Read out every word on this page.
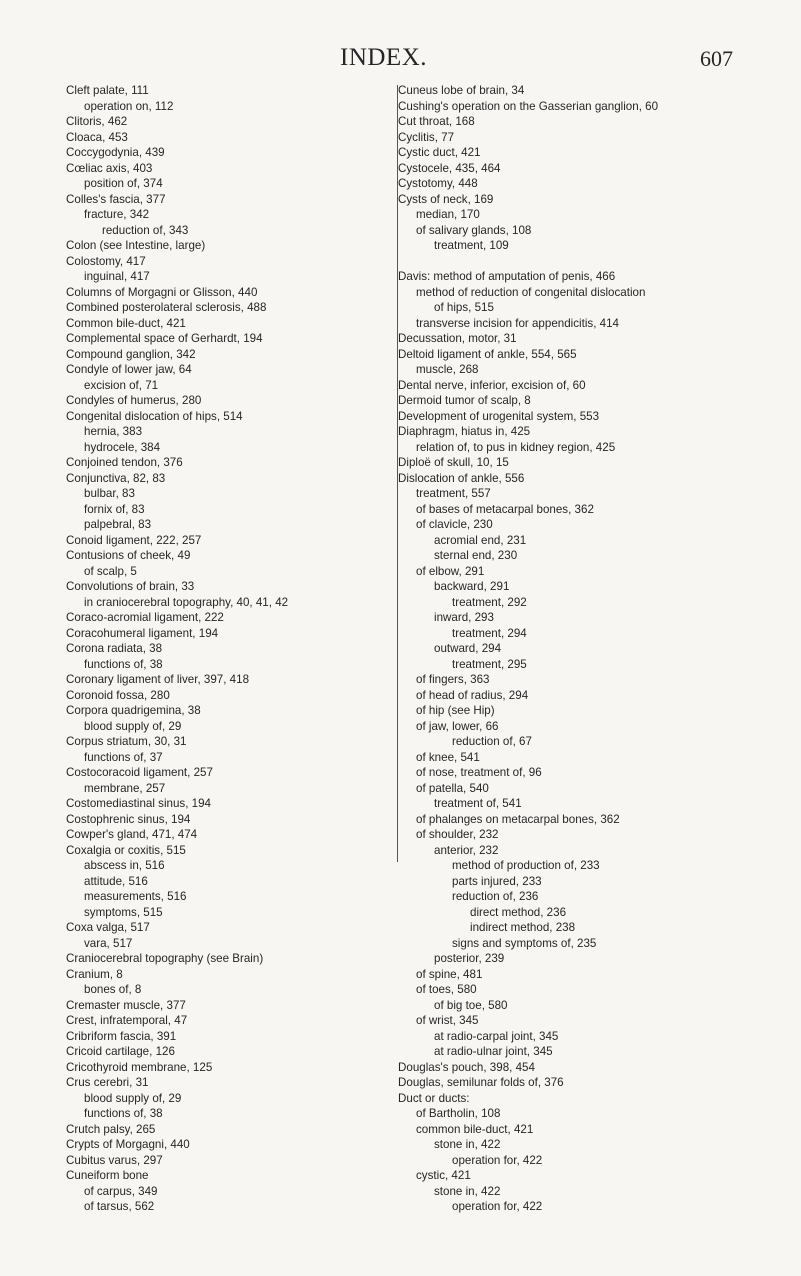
INDEX.	607
Cleft palate, 111
operation on, 112
Clitoris, 462
Cloaca, 453
Coccygodynia, 439
Cœliac axis, 403
position of, 374
Colles's fascia, 377
fracture, 342
reduction of, 343
Colon (see Intestine, large)
Colostomy, 417
inguinal, 417
Columns of Morgagni or Glisson, 440
Combined posterolateral sclerosis, 488
Common bile-duct, 421
Complemental space of Gerhardt, 194
Compound ganglion, 342
Condyle of lower jaw, 64
excision of, 71
Condyles of humerus, 280
Congenital dislocation of hips, 514
hernia, 383
hydrocele, 384
Conjoined tendon, 376
Conjunctiva, 82, 83
bulbar, 83
fornix of, 83
palpebral, 83
Conoid ligament, 222, 257
Contusions of cheek, 49
of scalp, 5
Convolutions of brain, 33
in craniocerebral topography, 40, 41, 42
Coraco-acromial ligament, 222
Coracohumeral ligament, 194
Corona radiata, 38
functions of, 38
Coronary ligament of liver, 397, 418
Coronoid fossa, 280
Corpora quadrigemina, 38
blood supply of, 29
Corpus striatum, 30, 31
functions of, 37
Costocoracoid ligament, 257
membrane, 257
Costomediastinal sinus, 194
Costophrenic sinus, 194
Cowper's gland, 471, 474
Coxalgia or coxitis, 515
abscess in, 516
attitude, 516
measurements, 516
symptoms, 515
Coxa valga, 517
vara, 517
Craniocerebral topography (see Brain)
Cranium, 8
bones of, 8
Cremaster muscle, 377
Crest, infratemporal, 47
Cribriform fascia, 391
Cricoid cartilage, 126
Cricothyroid membrane, 125
Crus cerebri, 31
blood supply of, 29
functions of, 38
Crutch palsy, 265
Crypts of Morgagni, 440
Cubitus varus, 297
Cuneiform bone
of carpus, 349
of tarsus, 562
Cuneus lobe of brain, 34
Cushing's operation on the Gasserian ganglion, 60
Cut throat, 168
Cyclitis, 77
Cystic duct, 421
Cystocele, 435, 464
Cystotomy, 448
Cysts of neck, 169
median, 170
of salivary glands, 108
treatment, 109
Davis: method of amputation of penis, 466
method of reduction of congenital dislocation
of hips, 515
transverse incision for appendicitis, 414
Decussation, motor, 31
Deltoid ligament of ankle, 554, 565
muscle, 268
Dental nerve, inferior, excision of, 60
Dermoid tumor of scalp, 8
Development of urogenital system, 553
Diaphragm, hiatus in, 425
relation of, to pus in kidney region, 425
Diploë of skull, 10, 15
Dislocation of ankle, 556
treatment, 557
of bases of metacarpal bones, 362
of clavicle, 230
acromial end, 231
sternal end, 230
of elbow, 291
backward, 291
treatment, 292
inward, 293
treatment, 294
outward, 294
treatment, 295
of fingers, 363
of head of radius, 294
of hip (see Hip)
of jaw, lower, 66
reduction of, 67
of knee, 541
of nose, treatment of, 96
of patella, 540
treatment of, 541
of phalanges on metacarpal bones, 362
of shoulder, 232
anterior, 232
method of production of, 233
parts injured, 233
reduction of, 236
direct method, 236
indirect method, 238
signs and symptoms of, 235
posterior, 239
of spine, 481
of toes, 580
of big toe, 580
of wrist, 345
at radio-carpal joint, 345
at radio-ulnar joint, 345
Douglas's pouch, 398, 454
Douglas, semilunar folds of, 376
Duct or ducts:
of Bartholin, 108
common bile-duct, 421
stone in, 422
operation for, 422
cystic, 421
stone in, 422
operation for, 422
